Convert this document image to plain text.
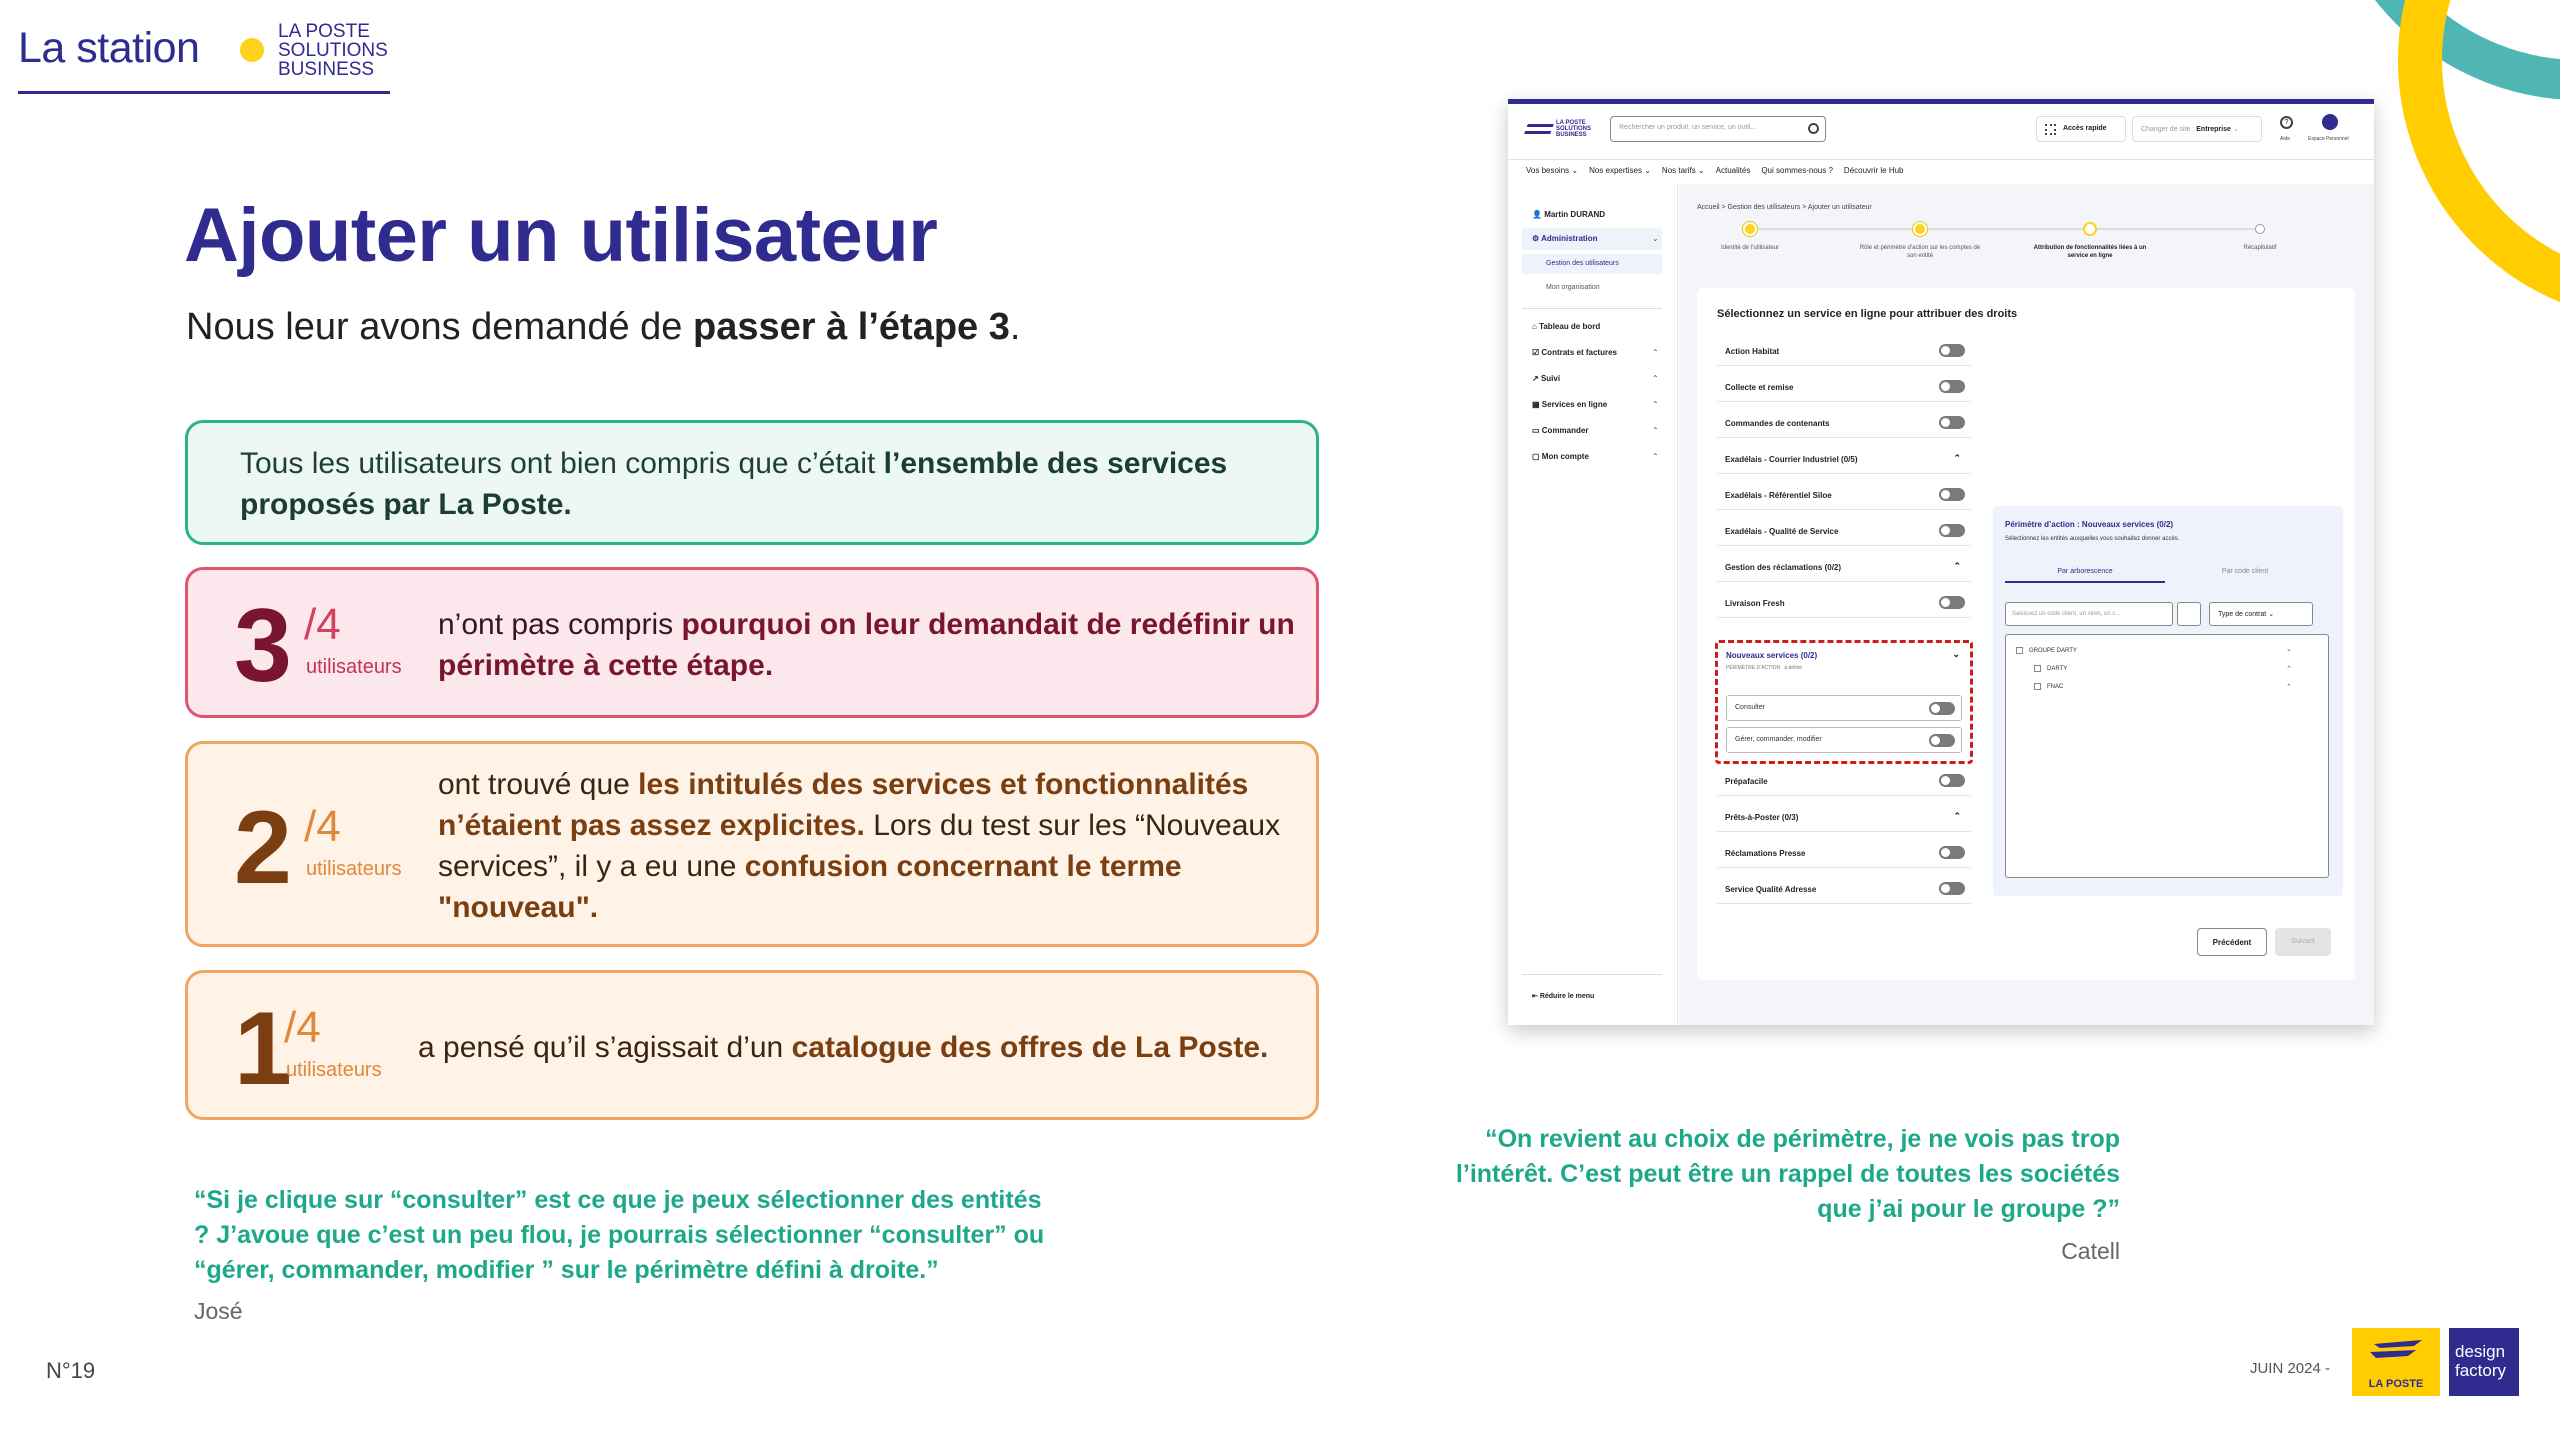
La station	LA POSTE
SOLUTIONS
BUSINESS
Ajouter un utilisateur
Nous leur avons demandé de passer à l’étape 3.
Tous les utilisateurs ont bien compris que c’était l’ensemble des services proposés par La Poste.
3 /4
utilisateurs
n’ont pas compris pourquoi on leur demandait de redéfinir un périmètre à cette étape.
2 /4
utilisateurs
ont trouvé que les intitulés des services et fonctionnalités n’étaient pas assez explicites. Lors du test sur les “Nouveaux services”, il y a eu une confusion concernant le terme "nouveau".
1
/4
utilisateurs
a pensé qu’il s’agissait d’un catalogue des offres de La Poste.
“Si je clique sur “consulter” est ce que je peux sélectionner des entités ? J’avoue que c’est un peu flou, je pourrais sélectionner “consulter” ou “gérer, commander, modifier ” sur le périmètre défini à droite.”
José
“On revient au choix de périmètre, je ne vois pas trop l’intérêt. C’est peut être un rappel de toutes les sociétés que j’ai pour le groupe ?”
Catell
N°19	JUIN 2024 -
LA POSTE
design
factory
LA POSTE
SOLUTIONS
BUSINESS
Rechercher un produit, un service, un outil...	Accès rapide	Changer de site : Entreprise ⌄
?
Aide	Espace Personnel
Vos besoins ⌄ Nos expertises ⌄ Nos tarifs ⌄ Actualités Qui sommes-nous ? Découvrir le Hub
👤 Martin DURAND
⚙ Administration	⌄
Gestion des utilisateurs
Mon organisation
⌂ Tableau de bord
☑ Contrats et factures	⌃
↗ Suivi	⌃
▦ Services en ligne	⌃
▭ Commander	⌃
▢ Mon compte	⌃
⇤ Réduire le menu
Accueil > Gestion des utilisateurs > Ajouter un utilisateur
Identité de l’utilisateur	Rôle et périmètre d’action sur les comptes de son entité
Attribution de fonctionnalités liées à un service en ligne
Récapitulatif
Sélectionnez un service en ligne pour attribuer des droits
Action Habitat
Collecte et remise
Commandes de contenants
Exadélais - Courrier Industriel (0/5)	⌃
Exadélais - Référentiel Siloe
Exadélais - Qualité de Service
Gestion des réclamations (0/2)	⌃
Livraison Fresh
Nouveaux services (0/2)	⌄
PÉRIMÈTRE D’ACTION : à définir
Consulter
Gérer, commander, modifier
Prépafacile
Prêts-à-Poster (0/3)	⌃
Réclamations Presse
Service Qualité Adresse
Périmètre d’action : Nouveaux services (0/2)
Sélectionnez les entités auxquelles vous souhaitez donner accès.
Par arborescence	Par code client
Saisissez un code client, un siren, un c...	Type de contrat ⌄
GROUPE DARTY	⌄
DARTY	⌃
FNAC	⌃
Précédent	Suivant
